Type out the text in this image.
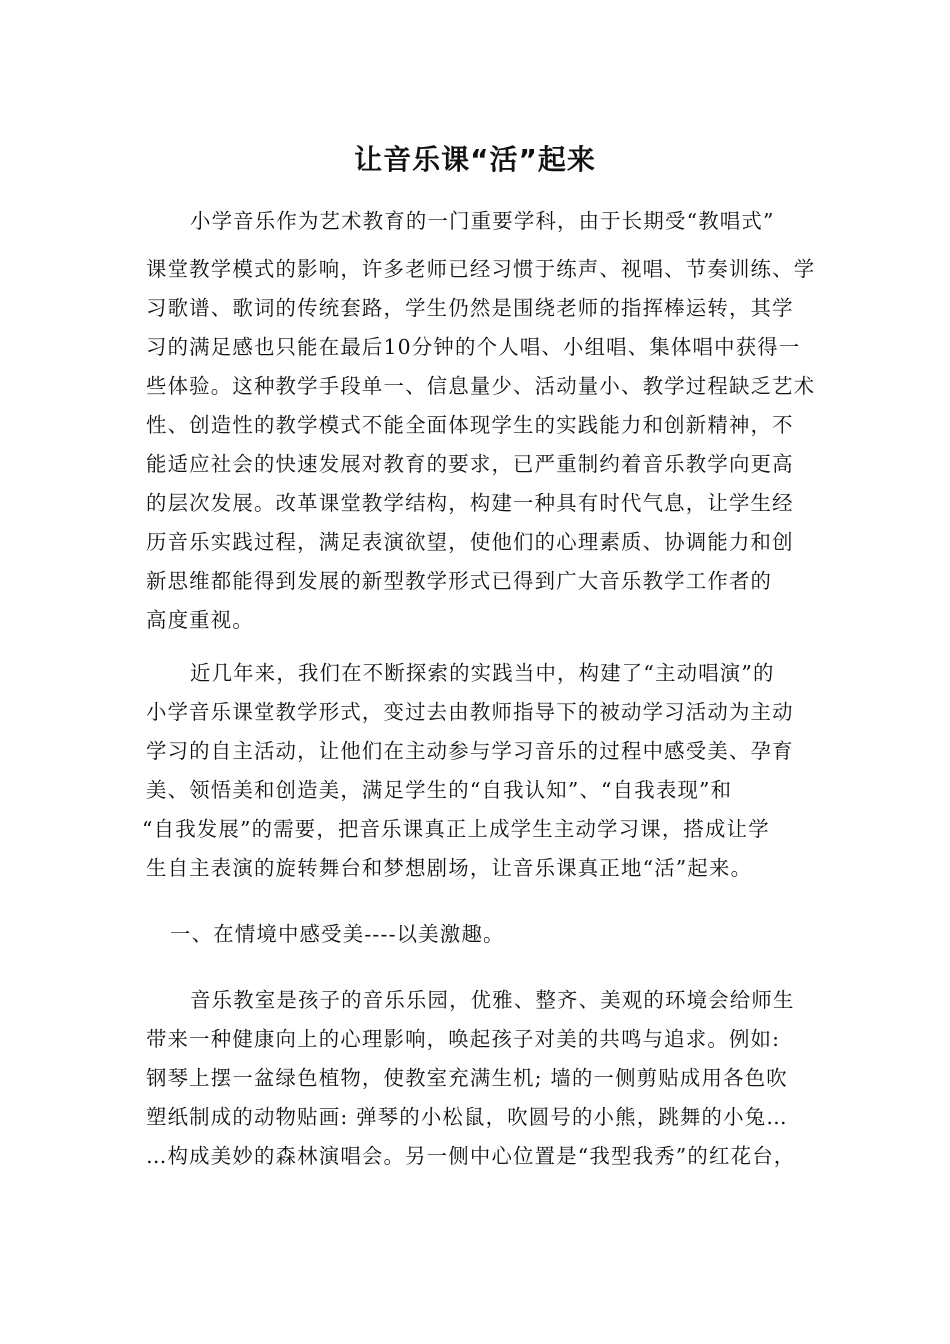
让音乐课“活”起来
小学音乐作为艺术教育的一门重要学科，由于长期受“教唱式”
课堂教学模式的影响，许多老师已经习惯于练声、视唱、节奏训练、学
习歌谱、歌词的传统套路，学生仍然是围绕老师的指挥棒运转，其学
习的满足感也只能在最后10分钟的个人唱、小组唱、集体唱中获得一
些体验。这种教学手段单一、信息量少、活动量小、教学过程缺乏艺术
性、创造性的教学模式不能全面体现学生的实践能力和创新精神，不
能适应社会的快速发展对教育的要求，已严重制约着音乐教学向更高
的层次发展。改革课堂教学结构，构建一种具有时代气息，让学生经
历音乐实践过程，满足表演欲望，使他们的心理素质、协调能力和创
新思维都能得到发展的新型教学形式已得到广大音乐教学工作者的
高度重视。
近几年来，我们在不断探索的实践当中，构建了“主动唱演”的
小学音乐课堂教学形式，变过去由教师指导下的被动学习活动为主动
学习的自主活动，让他们在主动参与学习音乐的过程中感受美、孕育
美、领悟美和创造美，满足学生的“自我认知”、“自我表现”和
“自我发展”的需要，把音乐课真正上成学生主动学习课，搭成让学
生自主表演的旋转舞台和梦想剧场，让音乐课真正地“活”起来。
一、在情境中感受美----以美激趣。
音乐教室是孩子的音乐乐园，优雅、整齐、美观的环境会给师生
带来一种健康向上的心理影响，唤起孩子对美的共鸣与追求。例如:
钢琴上摆一盆绿色植物，使教室充满生机; 墙的一侧剪贴成用各色吹
塑纸制成的动物贴画: 弹琴的小松鼠，吹圆号的小熊，跳舞的小兔…
…构成美妙的森林演唱会。另一侧中心位置是“我型我秀”的红花台，
